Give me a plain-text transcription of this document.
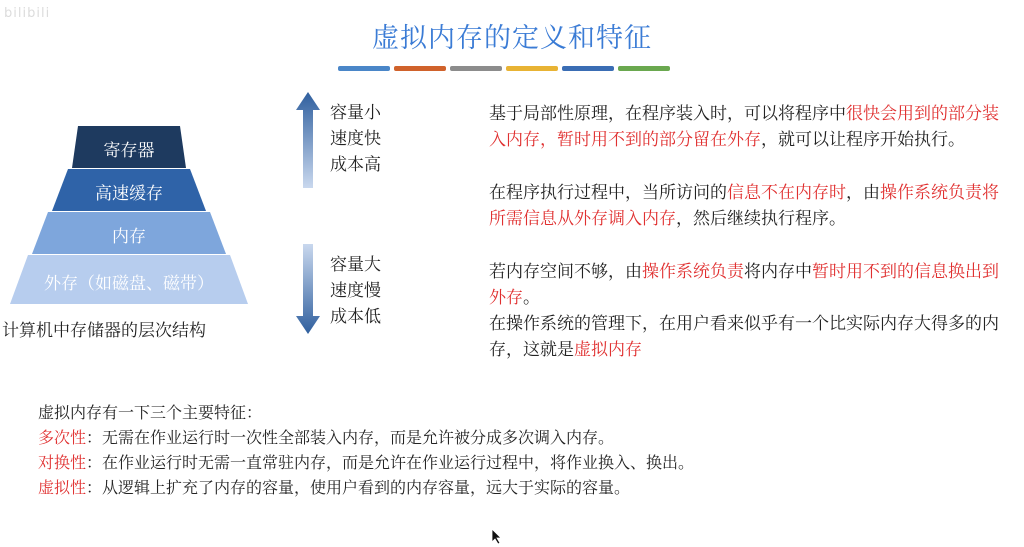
bilibili
虚拟内存的定义和特征
寄存器
高速缓存
内存
外存（如磁盘、磁带）
计算机中存储器的层次结构
容量小
速度快
成本高
容量大
速度慢
成本低
基于局部性原理，在程序装入时，可以将程序中很快会用到的部分装入内存，暂时用不到的部分留在外存，就可以让程序开始执行。
在程序执行过程中，当所访问的信息不在内存时，由操作系统负责将所需信息从外存调入内存，然后继续执行程序。
若内存空间不够，由操作系统负责将内存中暂时用不到的信息换出到外存。
在操作系统的管理下，在用户看来似乎有一个比实际内存大得多的内存，这就是虚拟内存
虚拟内存有一下三个主要特征：
多次性：无需在作业运行时一次性全部装入内存，而是允许被分成多次调入内存。
对换性：在作业运行时无需一直常驻内存，而是允许在作业运行过程中，将作业换入、换出。
虚拟性：从逻辑上扩充了内存的容量，使用户看到的内存容量，远大于实际的容量。
